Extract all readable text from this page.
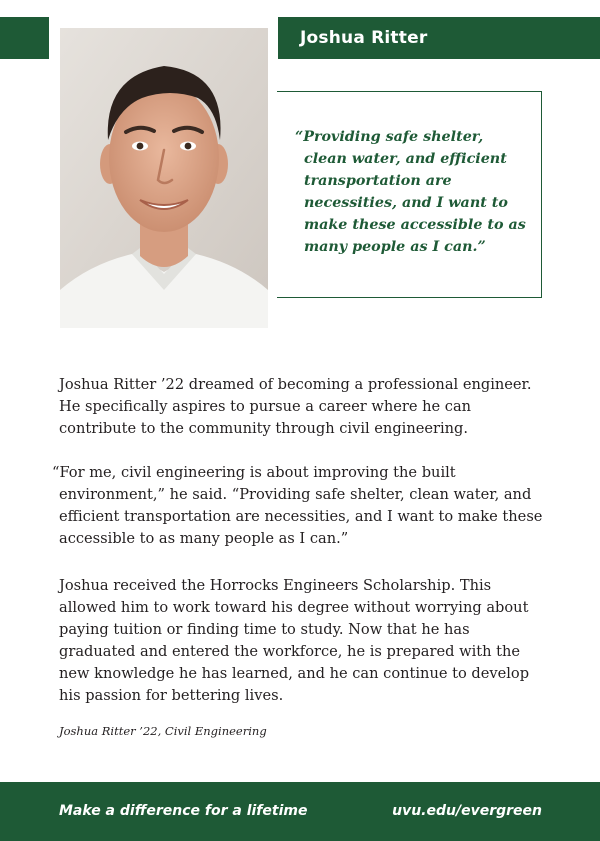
Joshua Ritter
“Providing safe shelter, clean water, and efficient transportation are necessities, and I want to make these accessible to as many people as I can.”

Joshua Ritter ’22 dreamed of becoming a professional engineer. He specifically aspires to pursue a career where he can contribute to the community through civil engineering.

“For me, civil engineering is about improving the built environment,” he said. “Providing safe shelter, clean water, and efficient transportation are necessities, and I want to make these accessible to as many people as I can.”

Joshua received the Horrocks Engineers Scholarship. This allowed him to work toward his degree without worrying about paying tuition or finding time to study. Now that he has graduated and entered the workforce, he is prepared with the new knowledge he has learned, and he can continue to develop his passion for bettering lives.

Joshua Ritter ’22, Civil Engineering
Make a difference for a lifetime	uvu.edu/evergreen
